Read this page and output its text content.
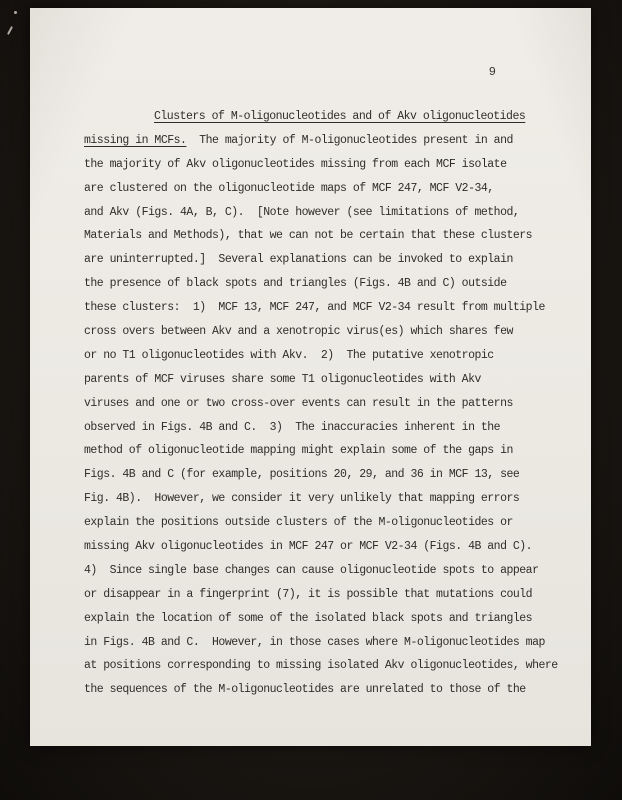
9
Clusters of M-oligonucleotides and of Akv oligonucleotides
missing in MCFs.  The majority of M-oligonucleotides present in and
the majority of Akv oligonucleotides missing from each MCF isolate
are clustered on the oligonucleotide maps of MCF 247, MCF V2-34,
and Akv (Figs. 4A, B, C).  [Note however (see limitations of method,
Materials and Methods), that we can not be certain that these clusters
are uninterrupted.]  Several explanations can be invoked to explain
the presence of black spots and triangles (Figs. 4B and C) outside
these clusters:  1)  MCF 13, MCF 247, and MCF V2-34 result from multiple
cross overs between Akv and a xenotropic virus(es) which shares few
or no T1 oligonucleotides with Akv.  2)  The putative xenotropic
parents of MCF viruses share some T1 oligonucleotides with Akv
viruses and one or two cross-over events can result in the patterns
observed in Figs. 4B and C.  3)  The inaccuracies inherent in the
method of oligonucleotide mapping might explain some of the gaps in
Figs. 4B and C (for example, positions 20, 29, and 36 in MCF 13, see
Fig. 4B).  However, we consider it very unlikely that mapping errors
explain the positions outside clusters of the M-oligonucleotides or
missing Akv oligonucleotides in MCF 247 or MCF V2-34 (Figs. 4B and C).
4)  Since single base changes can cause oligonucleotide spots to appear
or disappear in a fingerprint (7), it is possible that mutations could
explain the location of some of the isolated black spots and triangles
in Figs. 4B and C.  However, in those cases where M-oligonucleotides map
at positions corresponding to missing isolated Akv oligonucleotides, where
the sequences of the M-oligonucleotides are unrelated to those of the
